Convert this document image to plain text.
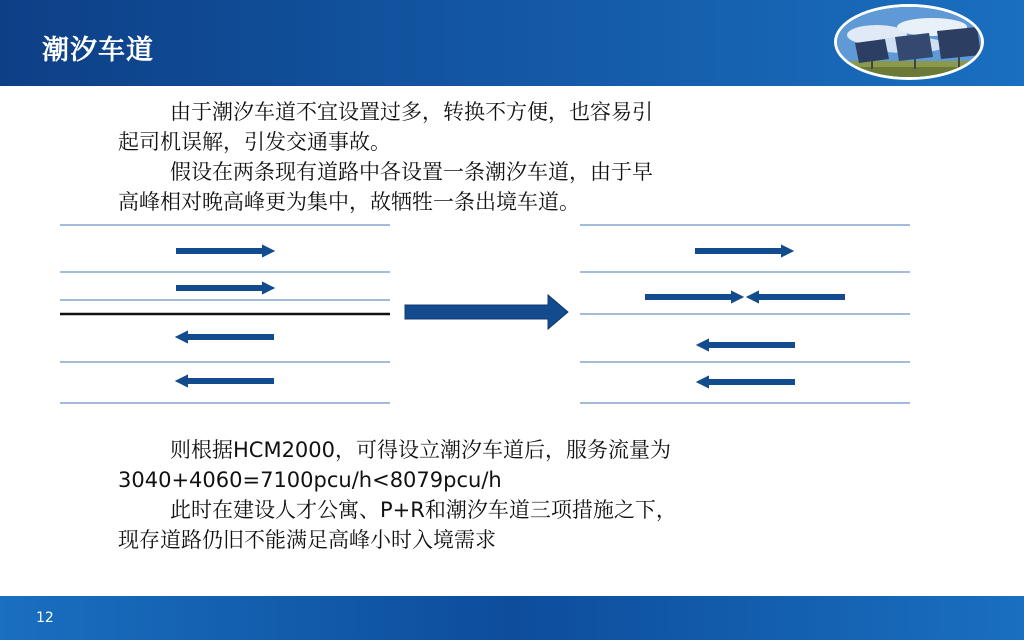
潮汐车道
由于潮汐车道不宜设置过多，转换不方便，也容易引
起司机误解，引发交通事故。
假设在两条现有道路中各设置一条潮汐车道，由于早
高峰相对晚高峰更为集中，故牺牲一条出境车道。
则根据HCM2000，可得设立潮汐车道后，服务流量为
3040+4060=7100pcu/h<8079pcu/h
此时在建设人才公寓、P+R和潮汐车道三项措施之下，
现存道路仍旧不能满足高峰小时入境需求
12
